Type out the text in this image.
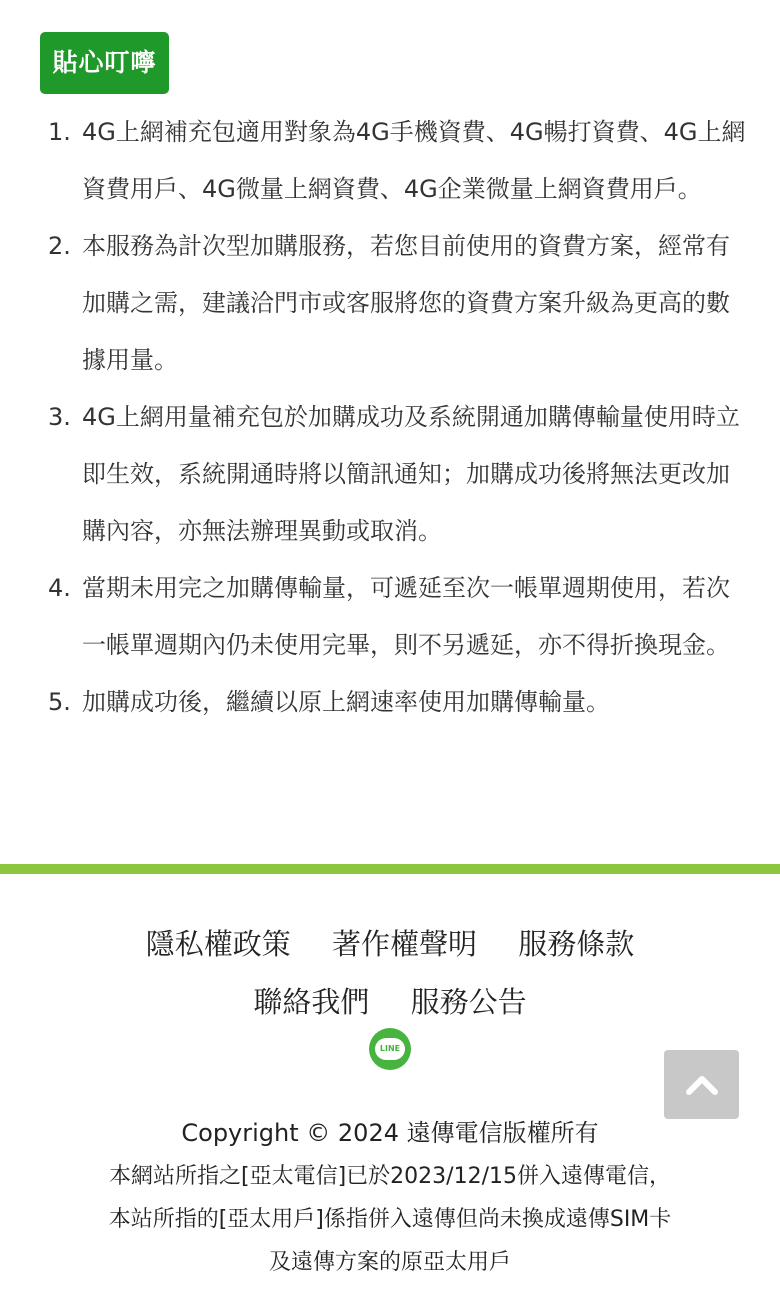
貼心叮嚀
1. 4G上網補充包適用對象為4G手機資費、4G暢打資費、4G上網資費用戶、4G微量上網資費、4G企業微量上網資費用戶。
2. 本服務為計次型加購服務，若您目前使用的資費方案，經常有加購之需，建議洽門市或客服將您的資費方案升級為更高的數據用量。
3. 4G上網用量補充包於加購成功及系統開通加購傳輸量使用時立即生效，系統開通時將以簡訊通知；加購成功後將無法更改加購內容，亦無法辦理異動或取消。
4. 當期未用完之加購傳輸量，可遞延至次一帳單週期使用，若次一帳單週期內仍未使用完畢，則不另遞延，亦不得折換現金。
5. 加購成功後，繼續以原上網速率使用加購傳輸量。
隱私權政策 著作權聲明 服務條款
聯絡我們 服務公告
LINE
Copyright © 2024 遠傳電信版權所有
本網站所指之[亞太電信]已於2023/12/15併入遠傳電信，
本站所指的[亞太用戶]係指併入遠傳但尚未換成遠傳SIM卡
及遠傳方案的原亞太用戶
